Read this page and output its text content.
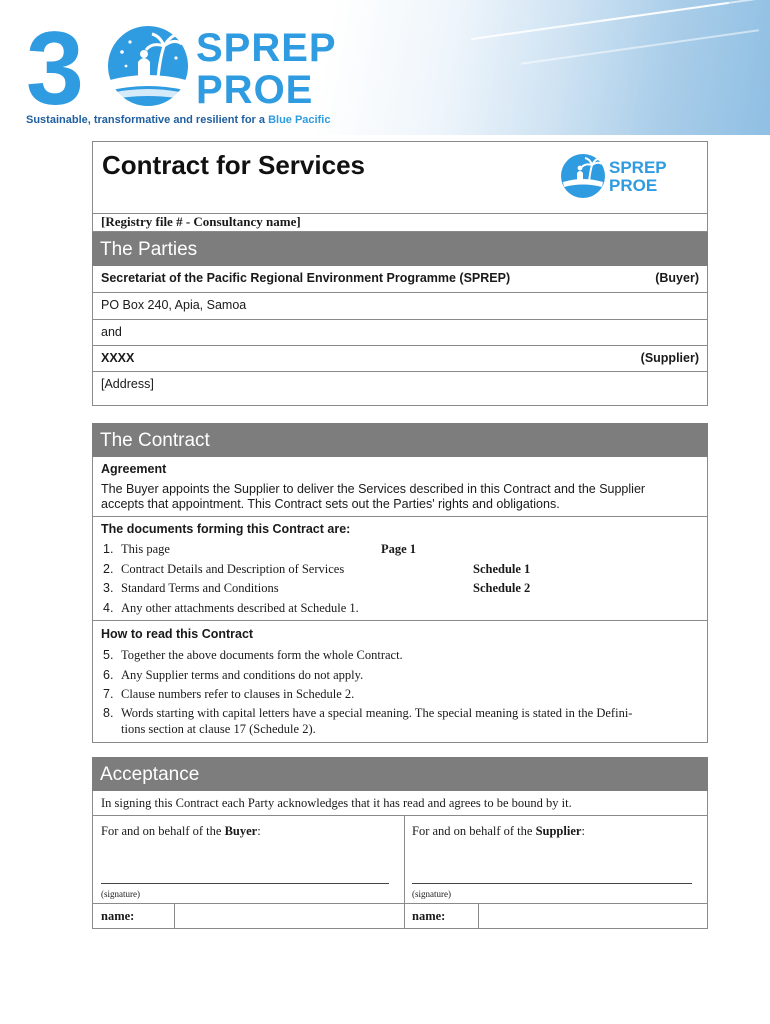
3	SPREP
PROE
Sustainable, transformative and resilient for a Blue Pacific
Contract for Services	SPREP
PROE
[Registry file # - Consultancy name]
The Parties
Secretariat of the Pacific Regional Environment Programme (SPREP)	(Buyer)
PO Box 240, Apia, Samoa
and
XXXX	(Supplier)
[Address]
The Contract
Agreement
The Buyer appoints the Supplier to deliver the Services described in this Contract and the Supplier
accepts that appointment. This Contract sets out the Parties' rights and obligations.
The documents forming this Contract are:
1. This page	Page 1
2. Contract Details and Description of Services	Schedule 1
3. Standard Terms and Conditions	Schedule 2
4. Any other attachments described at Schedule 1.
How to read this Contract
5. Together the above documents form the whole Contract.
6. Any Supplier terms and conditions do not apply.
7. Clause numbers refer to clauses in Schedule 2.
8. Words starting with capital letters have a special meaning. The special meaning is stated in the Defini-
tions section at clause 17 (Schedule 2).
Acceptance
In signing this Contract each Party acknowledges that it has read and agrees to be bound by it.
For and on behalf of the Buyer:
(signature)
For and on behalf of the Supplier:
(signature)
name:	name:
